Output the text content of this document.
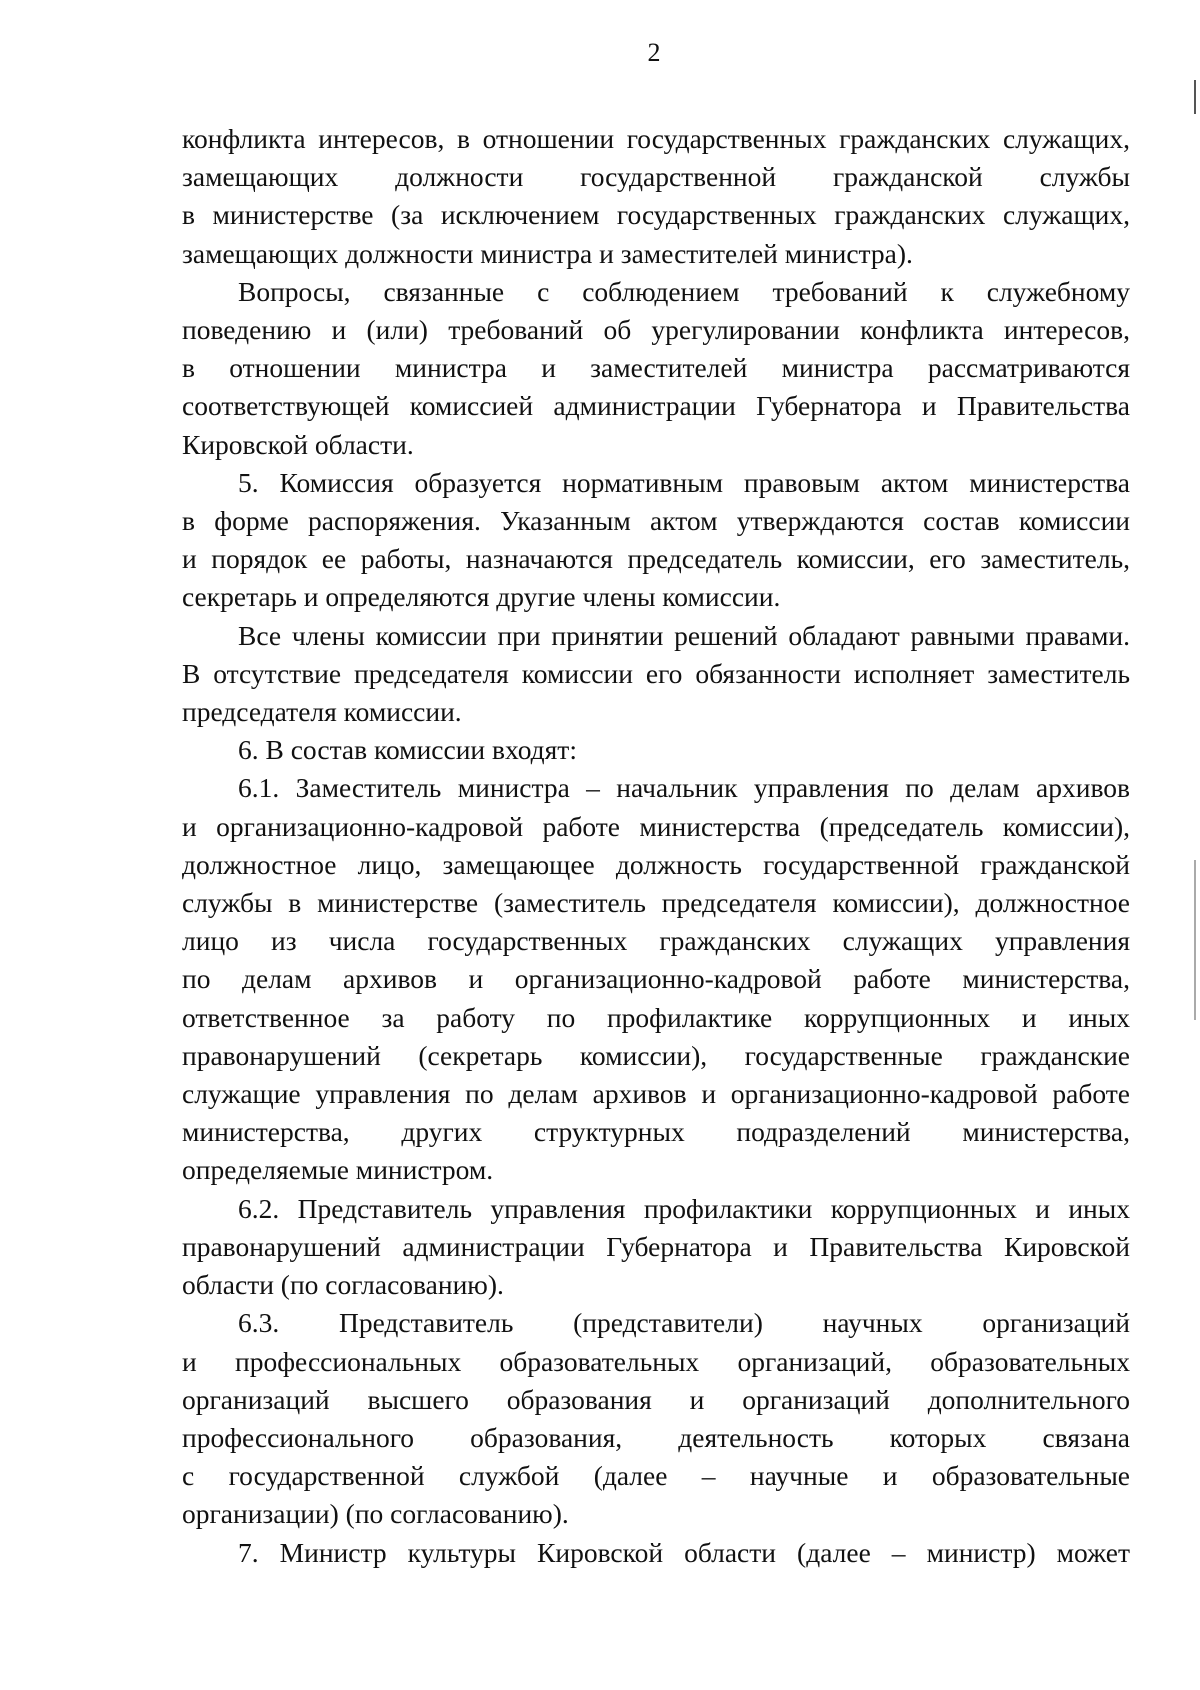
2
конфликта интересов, в отношении государственных гражданских служащих,
замещающих должности государственной гражданской службы
в министерстве (за исключением государственных гражданских служащих,
замещающих должности министра и заместителей министра).
Вопросы, связанные с соблюдением требований к служебному
поведению и (или) требований об урегулировании конфликта интересов,
в отношении министра и заместителей министра рассматриваются
соответствующей комиссией администрации Губернатора и Правительства
Кировской области.
5. Комиссия образуется нормативным правовым актом министерства
в форме распоряжения. Указанным актом утверждаются состав комиссии
и порядок ее работы, назначаются председатель комиссии, его заместитель,
секретарь и определяются другие члены комиссии.
Все члены комиссии при принятии решений обладают равными правами.
В отсутствие председателя комиссии его обязанности исполняет заместитель
председателя комиссии.
6. В состав комиссии входят:
6.1. Заместитель министра – начальник управления по делам архивов
и организационно-кадровой работе министерства (председатель комиссии),
должностное лицо, замещающее должность государственной гражданской
службы в министерстве (заместитель председателя комиссии), должностное
лицо из числа государственных гражданских служащих управления
по делам архивов и организационно-кадровой работе министерства,
ответственное за работу по профилактике коррупционных и иных
правонарушений (секретарь комиссии), государственные гражданские
служащие управления по делам архивов и организационно-кадровой работе
министерства, других структурных подразделений министерства,
определяемые министром.
6.2. Представитель управления профилактики коррупционных и иных
правонарушений администрации Губернатора и Правительства Кировской
области (по согласованию).
6.3. Представитель (представители) научных организаций
и профессиональных образовательных организаций, образовательных
организаций высшего образования и организаций дополнительного
профессионального образования, деятельность которых связана
с государственной службой (далее – научные и образовательные
организации) (по согласованию).
7. Министр культуры Кировской области (далее – министр) может
